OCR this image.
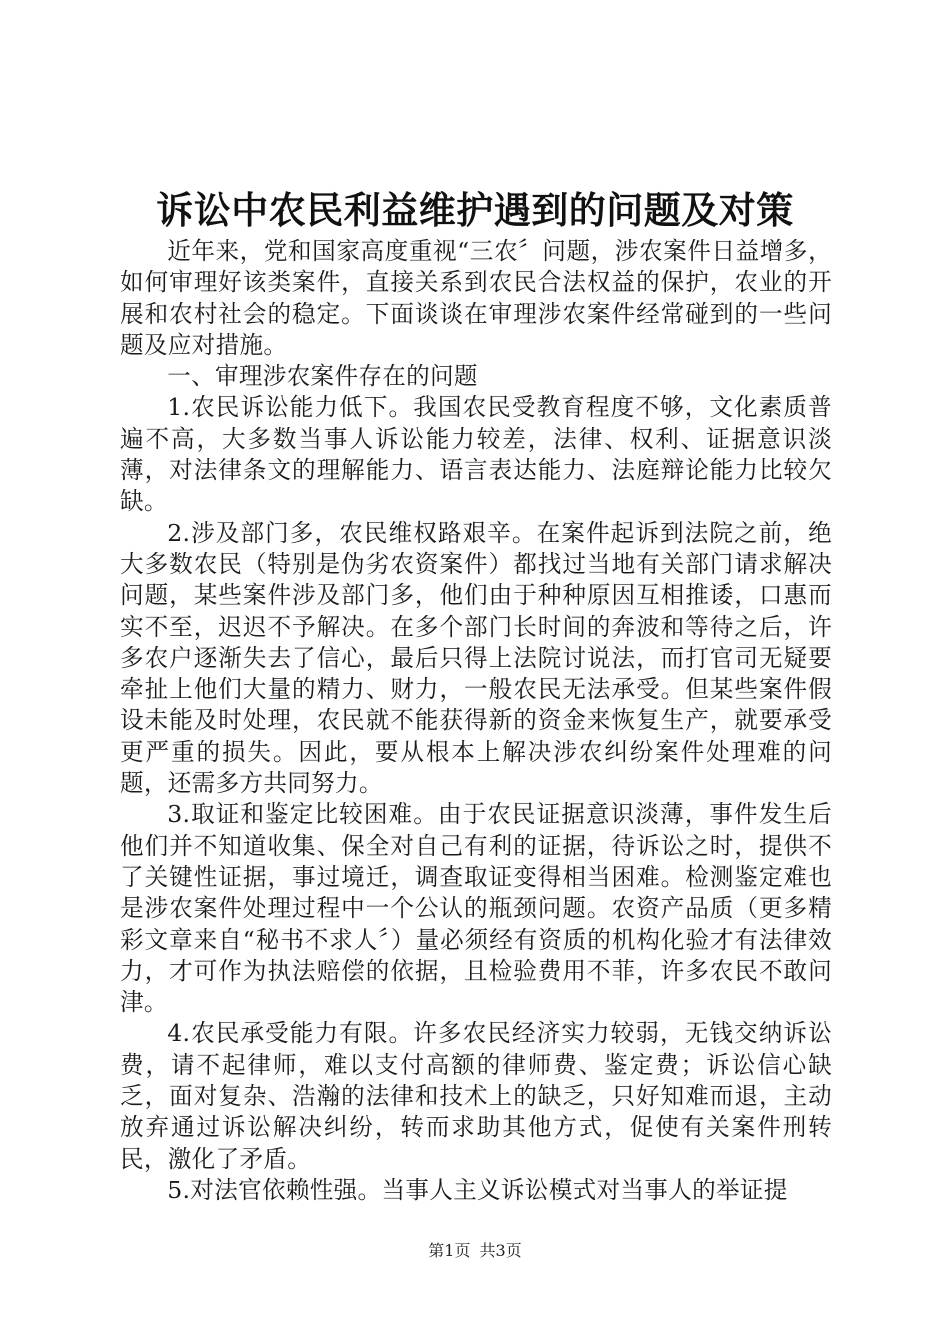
诉讼中农民利益维护遇到的问题及对策

近年来，党和国家高度重视“三农〞问题，涉农案件日益增多，如何审理好该类案件，直接关系到农民合法权益的保护，农业的开展和农村社会的稳定。下面谈谈在审理涉农案件经常碰到的一些问题及应对措施。

一、审理涉农案件存在的问题

1.农民诉讼能力低下。我国农民受教育程度不够，文化素质普遍不高，大多数当事人诉讼能力较差，法律、权利、证据意识淡薄，对法律条文的理解能力、语言表达能力、法庭辩论能力比较欠缺。

2.涉及部门多，农民维权路艰辛。在案件起诉到法院之前，绝大多数农民（特别是伪劣农资案件）都找过当地有关部门请求解决问题，某些案件涉及部门多，他们由于种种原因互相推诿，口惠而实不至，迟迟不予解决。在多个部门长时间的奔波和等待之后，许多农户逐渐失去了信心，最后只得上法院讨说法，而打官司无疑要牵扯上他们大量的精力、财力，一般农民无法承受。但某些案件假设未能及时处理，农民就不能获得新的资金来恢复生产，就要承受更严重的损失。因此，要从根本上解决涉农纠纷案件处理难的问题，还需多方共同努力。

3.取证和鉴定比较困难。由于农民证据意识淡薄，事件发生后他们并不知道收集、保全对自己有利的证据，待诉讼之时，提供不了关键性证据，事过境迁，调查取证变得相当困难。检测鉴定难也是涉农案件处理过程中一个公认的瓶颈问题。农资产品质（更多精彩文章来自“秘书不求人〞）量必须经有资质的机构化验才有法律效力，才可作为执法赔偿的依据，且检验费用不菲，许多农民不敢问津。

4.农民承受能力有限。许多农民经济实力较弱，无钱交纳诉讼费，请不起律师，难以支付高额的律师费、鉴定费；诉讼信心缺乏，面对复杂、浩瀚的法律和技术上的缺乏，只好知难而退，主动放弃通过诉讼解决纠纷，转而求助其他方式，促使有关案件刑转民，激化了矛盾。

5.对法官依赖性强。当事人主义诉讼模式对当事人的举证提

第1页 共3页
